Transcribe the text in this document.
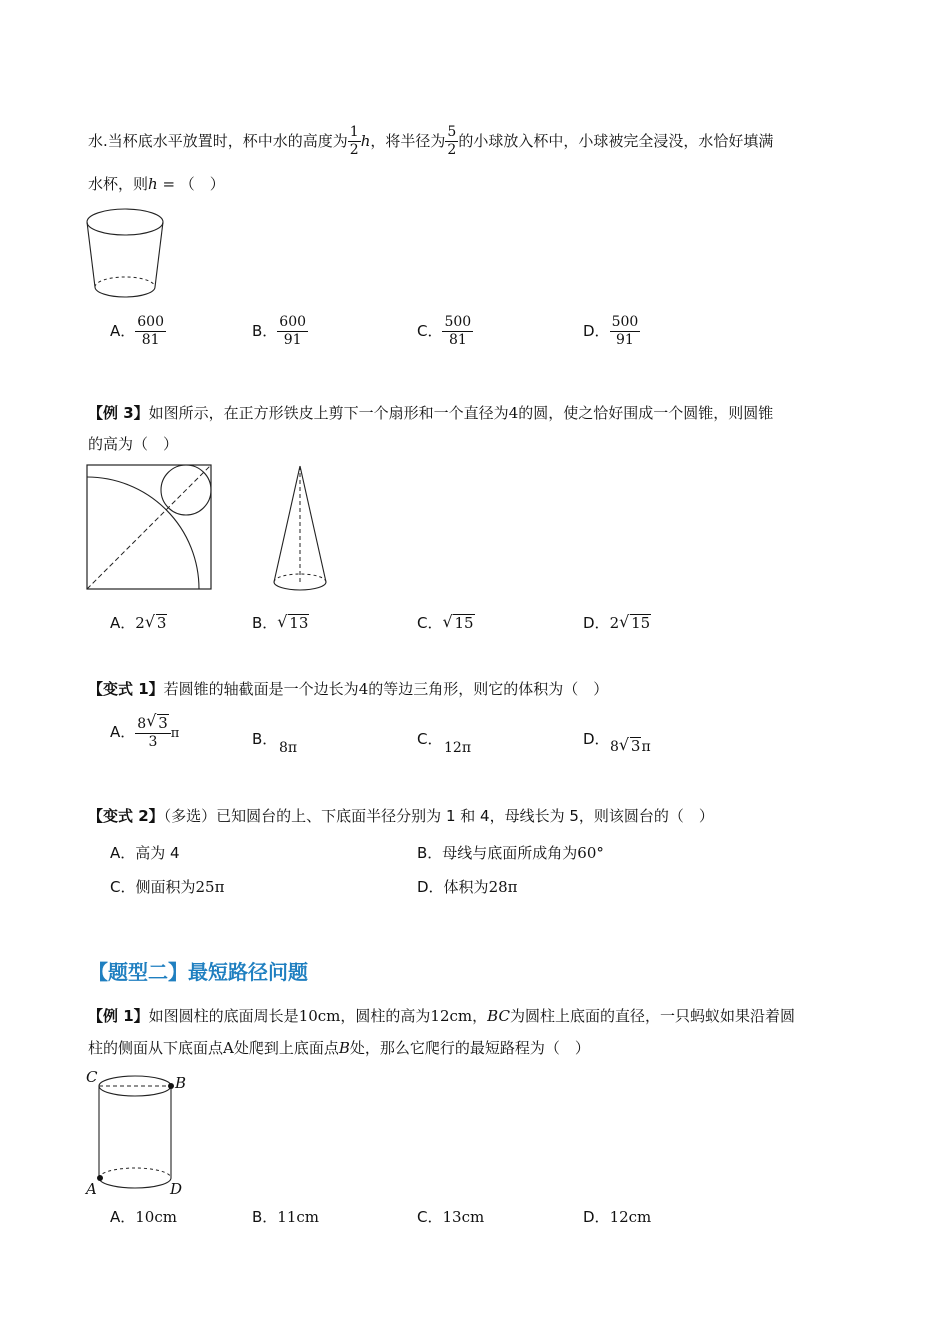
水.当杯底水平放置时，杯中水的高度为 $\frac{1}{2}$ h，将半径为 $\frac{5}{2}$ 的小球放入杯中，小球被完全浸没，水恰好填满
水杯，则h = （　）
A． $\frac{600}{81}$	B． $\frac{600}{91}$	C． $\frac{500}{81}$	D． $\frac{500}{91}$
【例 3】如图所示，在正方形铁皮上剪下一个扇形和一个直径为4的圆，使之恰好围成一个圆锥，则圆锥
的高为（　）
A．2 √ 3	B． √ 13	C． √ 15	D．2 √ 15
【变式 1】若圆锥的轴截面是一个边长为4的等边三角形，则它的体积为（　）
A． $\frac{8 √ 3}{3}$ π	B． 8π	C． 12π	D． 8 √ 3π
【变式 2】（多选）已知圆台的上、下底面半径分别为 1 和 4，母线长为 5，则该圆台的（　）
A．高为 4	B．母线与底面所成角为60°
C．侧面积为25π	D．体积为28π
【题型二】最短路径问题
【例 1】如图圆柱的底面周长是10cm，圆柱的高为12cm，BC为圆柱上底面的直径，一只蚂蚁如果沿着圆
柱的侧面从下底面点A处爬到上底面点B处，那么它爬行的最短路程为（　）
C	B
A	D
A．10cm	B．11cm	C．13cm	D．12cm
